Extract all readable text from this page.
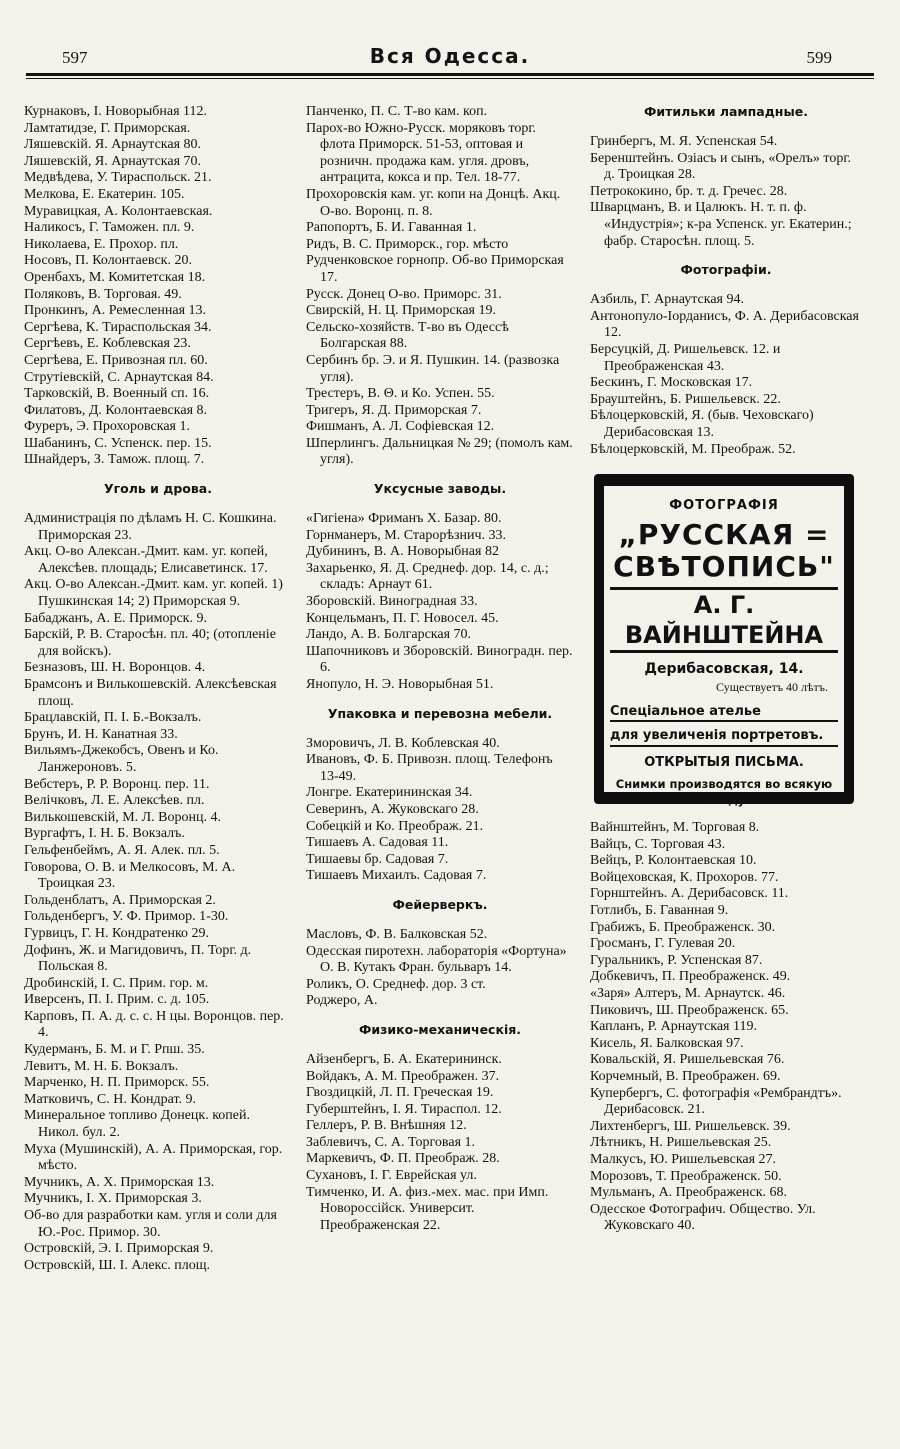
597	Вся Одесса.	599

Курнаковъ, I. Новорыбная 112.

Ламтатидзе, Г. Приморская.

Ляшевскій. Я. Арнаутская 80.

Ляшевскій, Я. Арнаутская 70.

Медвѣдева, У. Тираспольск. 21.

Мелкова, Е. Екатерин. 105.

Муравицкая, А. Колонтаевская.

Наликосъ, Г. Таможен. пл. 9.

Николаева, Е. Прохор. пл.

Носовъ, П. Колонтаевск. 20.

Оренбахъ, М. Комитетская 18.

Поляковъ, В. Торговая. 49.

Пронкинъ, А. Ремесленная 13.

Сергѣева, К. Тираспольская 34.

Сергѣевъ, Е. Коблевская 23.

Сергѣева, Е. Привозная пл. 60.

Струтіевскій, С. Арнаутская 84.

Тарковскій, В. Военный сп. 16.

Филатовъ, Д. Колонтаевская 8.

Фуреръ, Э. Прохоровская 1.

Шабанинъ, С. Успенск. пер. 15.

Шнайдеръ, З. Тамож. площ. 7.

Уголь и дрова.

Администрація по дѣламъ Н. С. Кошкина. Приморская 23.

Акц. О-во Алексан.-Дмит. кам. уг. копей, Алексѣев. площадь; Елисаветинск. 17.

Акц. О-во Алексан.-Дмит. кам. уг. копей. 1) Пушкинская 14; 2) Приморская 9.

Бабаджанъ, А. Е. Приморск. 9.

Барскій, Р. В. Старосѣн. пл. 40; (отопленіе для войскъ).

Безназовъ, Ш. Н. Воронцов. 4.

Брамсонъ и Вилькошевскій. Алексѣевская площ.

Брацлавскій, П. I. Б.-Вокзалъ.

Брунъ, И. Н. Канатная 33.

Вильямъ-Джекобсъ, Овенъ и Ко. Ланжероновъ. 5.

Вебстеръ, Р. Р. Воронц. пер. 11.

Велічковъ, Л. Е. Алексѣев. пл.

Вилькошевскій, М. Л. Воронц. 4.

Вургафтъ, I. Н. Б. Вокзалъ.

Гельфенбеймъ, А. Я. Алек. пл. 5.

Говорова, О. В. и Мелкосовъ, М. А. Троицкая 23.

Гольденблатъ, А. Приморская 2.

Гольденбергъ, У. Ф. Примор. 1-30.

Гурвицъ, Г. Н. Кондратенко 29.

Дофинъ, Ж. и Магидовичъ, П. Торг. д. Польская 8.

Дробинскій, I. С. Прим. гор. м.

Иверсенъ, П. I. Прим. с. д. 105.

Карповъ, П. А. д. с. с. Н цы. Воронцов. пер. 4.

Кудерманъ, Б. М. и Г. Рпш. 35.

Левитъ, М. Н. Б. Вокзалъ.

Марченко, Н. П. Приморск. 55.

Матковичъ, С. Н. Кондрат. 9.

Минеральное топливо Донецк. копей. Никол. бул. 2.

Муха (Мушинскій), А. А. Приморская, гор. мѣсто.

Мучникъ, А. Х. Приморская 13.

Мучникъ, I. Х. Приморская 3.

Об-во для разработки кам. угля и соли для Ю.-Рос. Примор. 30.

Островскій, Э. I. Приморская 9.

Островскій, Ш. I. Алекс. площ.

Панченко, П. С. Т-во кам. коп.

Парох-во Южно-Русск. моряковъ торг. флота Приморск. 51-53, оптовая и розничн. продажа кам. угля. дровъ, антрацита, кокса и пр. Тел. 18-77.

Прохоровскія кам. уг. копи на Донцѣ. Акц. О-во. Воронц. п. 8.

Рапопортъ, Б. И. Гаванная 1.

Ридъ, В. С. Приморск., гор. мѣсто

Рудченковское горнопр. Об-во Приморская 17.

Русск. Донец О-во. Приморс. 31.

Свирскій, Н. Ц. Приморская 19.

Сельско-хозяйств. Т-во въ Одессѣ Болгарская 88.

Сербинъ бр. Э. и Я. Пушкин. 14. (развозка угля).

Трестеръ, В. Θ. и Ко. Успен. 55.

Тригеръ, Я. Д. Приморская 7.

Фишманъ, А. Л. Софіевская 12.

Шперлингъ. Дальницкая № 29; (помолъ кам. угля).

Уксусные заводы.

«Гигіена» Фриманъ Х. Базар. 80.

Горнманеръ, М. Старорѣзнич. 33.

Дубининъ, В. А. Новорыбная 82

Захарьенко, Я. Д. Среднеф. дор. 14, с. д.; складъ: Арнаут 61.

Зборовскій. Виноградная 33.

Концельманъ, П. Г. Новосел. 45.

Ландо, А. В. Болгарская 70.

Шапочниковъ и Зборовскій. Виноградн. пер. 6.

Янопуло, Н. Э. Новорыбная 51.

Упаковка и перевозна мебели.

Зморовичъ, Л. В. Коблевская 40.

Ивановъ, Ф. Б. Привозн. площ. Телефонъ 13-49.

Лонгре. Екатерининская 34.

Северинъ, А. Жуковскаго 28.

Собецкій и Ко. Преображ. 21.

Тишаевъ А. Садовая 11.

Тишаевы бр. Садовая 7.

Тишаевъ Михаилъ. Садовая 7.

Фейерверкъ.

Масловъ, Ф. В. Балковская 52.

Одесская пиротехн. лабораторія «Фортуна» О. В. Кутакъ Фран. бульваръ 14.

Роликъ, О. Среднеф. дор. 3 ст.

Роджеро, А.

Физико-механическія.

Айзенбергъ, Б. А. Екатерининск.

Войдакъ, А. М. Преображен. 37.

Гвоздицкій, Л. П. Греческая 19.

Губерштейнъ, I. Я. Тираспол. 12.

Геллеръ, Р. В. Внѣшняя 12.

Заблевичъ, С. А. Торговая 1.

Маркевичъ, Ф. П. Преображ. 28.

Сухановъ, I. Г. Еврейская ул.

Тимченко, И. А. физ.-мех. мас. при Имп. Новороссійск. Университ. Преображенская 22.

Фитильки лампадные.

Гринбергъ, М. Я. Успенская 54.

Беренштейнъ. Озіасъ и сынъ, «Орелъ» торг. д. Троицкая 28.

Петрококино, бр. т. д. Гречес. 28.

Шварцманъ, В. и Цалюкъ. Н. т. п. ф. «Индустрія»; к-ра Успенск. уг. Екатерин.; фабр. Старосѣн. площ. 5.

Фотографіи.

Азбиль, Г. Арнаутская 94.

Антонопуло-Іорданисъ, Ф. А. Дерибасовская 12.

Берсуцкій, Д. Ришельевск. 12. и Преображенская 43.

Бескинъ, Г. Московская 17.

Брауштейнъ, Б. Ришельевск. 22.

Бѣлоцерковскій, Я. (быв. Чеховскаго) Дерибасовская 13.

Бѣлоцерковскій, М. Преображ. 52.

ФОТОГРАФІЯ
„РУССКАЯ =
СВѢТОПИСЬ"
А. Г. ВАЙНШТЕЙНА
Дерибасовская, 14.
Существуетъ 40 лѣтъ.
Спеціальное ателье
для увеличенія портретовъ.
ОТКРЫТЫЯ ПИСЬМА.
Снимки производятся во всякую погоду.

Вайнштейнъ, М. Торговая 8.

Вайцъ, С. Торговая 43.

Вейцъ, Р. Колонтаевская 10.

Войцеховская, К. Прохоров. 77.

Горнштейнъ. А. Дерибасовск. 11.

Готлибъ, Б. Гаванная 9.

Грабижъ, Б. Преображенск. 30.

Гросманъ, Г. Гулевая 20.

Гуральникъ, Р. Успенская 87.

Добкевичъ, П. Преображенск. 49.

«Заря» Алтеръ, М. Арнаутск. 46.

Пиковичъ, Ш. Преображенск. 65.

Капланъ, Р. Арнаутская 119.

Кисель, Я. Балковская 97.

Ковальскій, Я. Ришельевская 76.

Корчемный, В. Преображен. 69.

Купербергъ, С. фотографія «Рембрандтъ». Дерибасовск. 21.

Лихтенбергъ, Ш. Ришельевск. 39.

Лѣтникъ, Н. Ришельевская 25.

Малкусъ, Ю. Ришельевская 27.

Морозовъ, Т. Преображенск. 50.

Мульманъ, А. Преображенск. 68.

Одесское Фотографич. Общество. Ул. Жуковскаго 40.
